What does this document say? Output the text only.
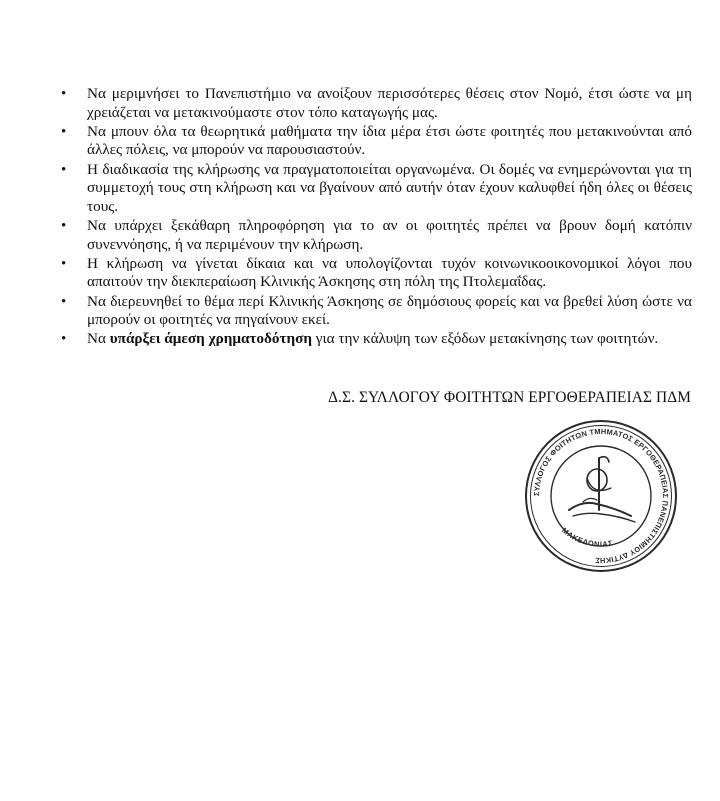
• Να μεριμνήσει το Πανεπιστήμιο να ανοίξουν περισσότερες θέσεις στον Νομό, έτσι ώστε να μη χρειάζεται να μετακινούμαστε στον τόπο καταγωγής μας.
• Να μπουν όλα τα θεωρητικά μαθήματα την ίδια μέρα έτσι ώστε φοιτητές που μετακινούνται από άλλες πόλεις, να μπορούν να παρουσιαστούν.
• Η διαδικασία της κλήρωσης να πραγματοποιείται οργανωμένα. Οι δομές να ενημερώνονται για τη συμμετοχή τους στη κλήρωση και να βγαίνουν από αυτήν όταν έχουν καλυφθεί ήδη όλες οι θέσεις τους.
• Να υπάρχει ξεκάθαρη πληροφόρηση για το αν οι φοιτητές πρέπει να βρουν δομή κατόπιν συνεννόησης, ή να περιμένουν την κλήρωση.
• Η κλήρωση να γίνεται δίκαια και να υπολογίζονται τυχόν κοινωνικοοικονομικοί λόγοι που απαιτούν την διεκπεραίωση Κλινικής Άσκησης στη πόλη της Πτολεμαΐδας.
• Να διερευνηθεί το θέμα περί Κλινικής Άσκησης σε δημόσιους φορείς και να βρεθεί λύση ώστε να μπορούν οι φοιτητές να πηγαίνουν εκεί.
• Να υπάρξει άμεση χρηματοδότηση για την κάλυψη των εξόδων μετακίνησης των φοιτητών.
Δ.Σ. ΣΥΛΛΟΓΟΥ ΦΟΙΤΗΤΩΝ ΕΡΓΟΘΕΡΑΠΕΙΑΣ ΠΔΜ
ΣΥΛΛΟΓΟΣ ΦΟΙΤΗΤΩΝ ΤΜΗΜΑΤΟΣ ΕΡΓΟΘΕΡΑΠΕΙΑΣ ΠΑΝΕΠΙΣΤΗΜΙΟΥ ΔΥΤΙΚΗΣ
ΜΑΚΕΔΟΝΙΑΣ
